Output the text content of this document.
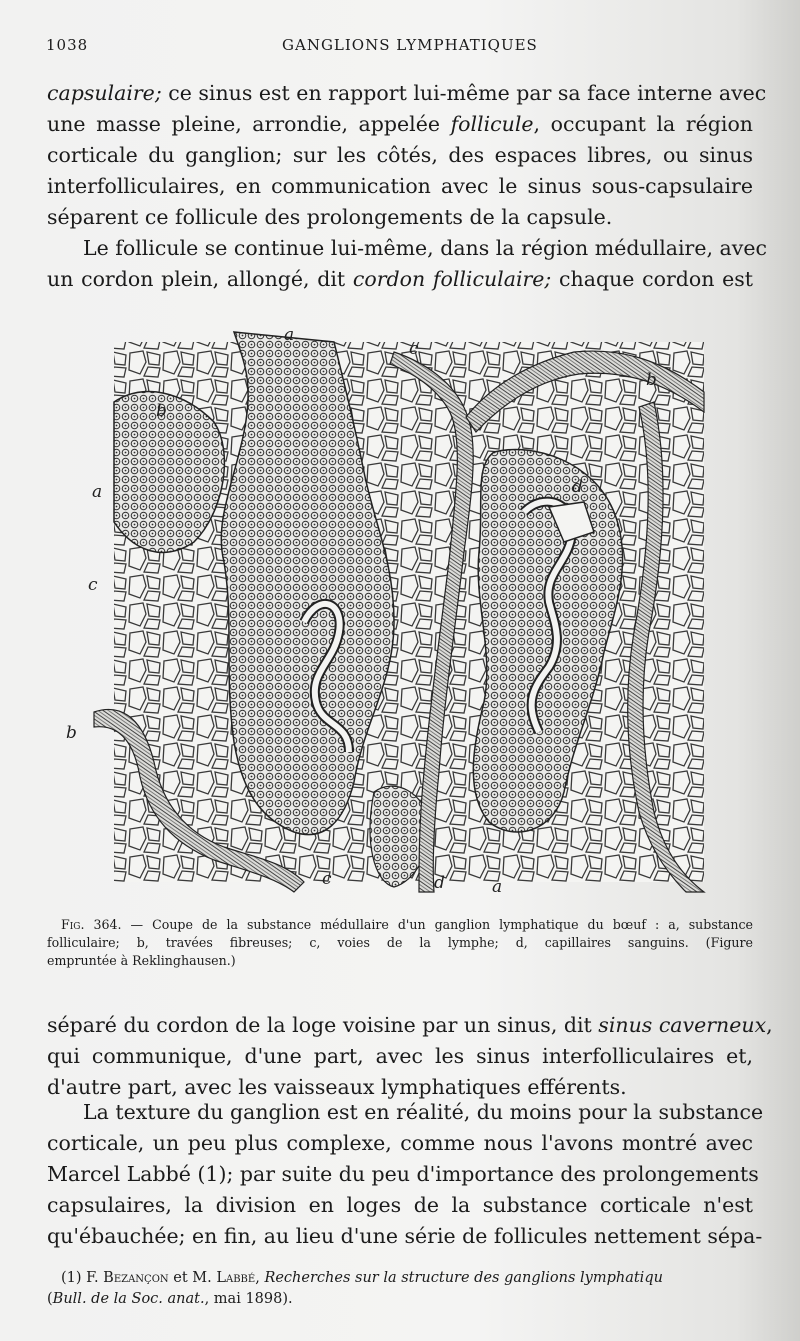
1038	GANGLIONS LYMPHATIQUES
capsulaire; ce sinus est en rapport lui-même par sa face interne avec
une masse pleine, arrondie, appelée follicule, occupant la région
corticale du ganglion; sur les côtés, des espaces libres, ou sinus
interfolliculaires, en communication avec le sinus sous-capsulaire
séparent ce follicule des prolongements de la capsule.
Le follicule se continue lui-même, dans la région médullaire, avec
un cordon plein, allongé, dit cordon folliculaire; chaque cordon est
a
c
b
b
a	d
c
b
c	d	a
Fig. 364. — Coupe de la substance médullaire d'un ganglion lymphatique du bœuf : a, substance
folliculaire; b, travées fibreuses; c, voies de la lymphe; d, capillaires sanguins. (Figure
empruntée à Reklinghausen.)
séparé du cordon de la loge voisine par un sinus, dit sinus caverneux,
qui communique, d'une part, avec les sinus interfolliculaires et,
d'autre part, avec les vaisseaux lymphatiques efférents.
La texture du ganglion est en réalité, du moins pour la substance
corticale, un peu plus complexe, comme nous l'avons montré avec
Marcel Labbé (1); par suite du peu d'importance des prolongements
capsulaires, la division en loges de la substance corticale n'est
qu'ébauchée; en fin, au lieu d'une série de follicules nettement sépa-
(1) F. Bezançon et M. Labbé, Recherches sur la structure des ganglions lymphatiqu
(Bull. de la Soc. anat., mai 1898).
